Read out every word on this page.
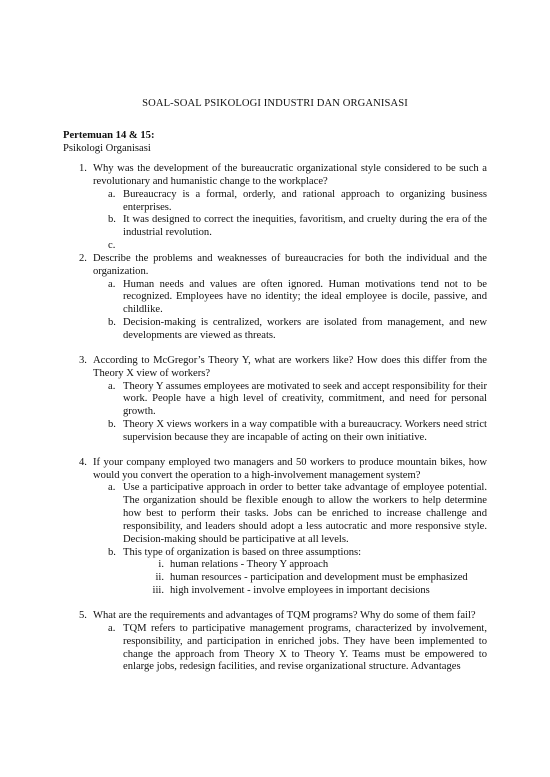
SOAL-SOAL PSIKOLOGI INDUSTRI DAN ORGANISASI
Pertemuan 14 & 15:
Psikologi Organisasi
1. Why was the development of the bureaucratic organizational style considered to be such a revolutionary and humanistic change to the workplace?
a. Bureaucracy is a formal, orderly, and rational approach to organizing business enterprises.
b. It was designed to correct the inequities, favoritism, and cruelty during the era of the industrial revolution.
c.

2. Describe the problems and weaknesses of bureaucracies for both the individual and the organization.
a. Human needs and values are often ignored. Human motivations tend not to be recognized. Employees have no identity; the ideal employee is docile, passive, and childlike.
b. Decision-making is centralized, workers are isolated from management, and new developments are viewed as threats.
3. According to McGregor’s Theory Y, what are workers like? How does this differ from the Theory X view of workers?
a. Theory Y assumes employees are motivated to seek and accept responsibility for their work. People have a high level of creativity, commitment, and need for personal growth.
b. Theory X views workers in a way compatible with a bureaucracy. Workers need strict supervision because they are incapable of acting on their own initiative.
4. If your company employed two managers and 50 workers to produce mountain bikes, how would you convert the operation to a high-involvement management system?
a. Use a participative approach in order to better take advantage of employee potential. The organization should be flexible enough to allow the workers to help determine how best to perform their tasks. Jobs can be enriched to increase challenge and responsibility, and leaders should adopt a less autocratic and more responsive style. Decision-making should be participative at all levels.
b. This type of organization is based on three assumptions:
i. human relations - Theory Y approach
ii. human resources - participation and development must be emphasized
iii. high involvement - involve employees in important decisions
5. What are the requirements and advantages of TQM programs? Why do some of them fail?
a. TQM refers to participative management programs, characterized by involvement, responsibility, and participation in enriched jobs. They have been implemented to change the approach from Theory X to Theory Y. Teams must be empowered to enlarge jobs, redesign facilities, and revise organizational structure. Advantages
